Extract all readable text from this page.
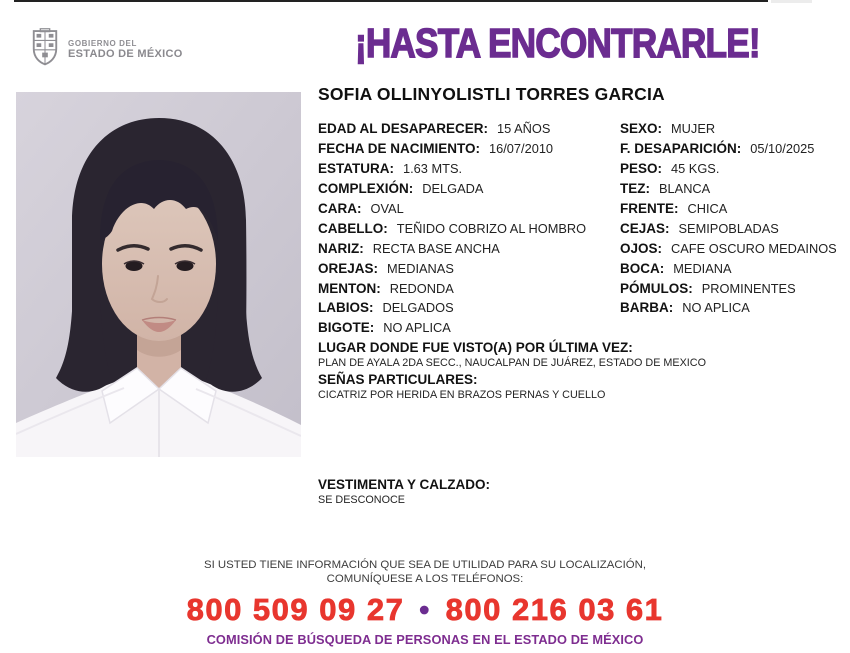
GOBIERNO DEL
ESTADO DE MÉXICO	¡HASTA ENCONTRARLE!
SOFIA OLLINYOLISTLI TORRES GARCIA
EDAD AL DESAPARECER: 15 AÑOS
FECHA DE NACIMIENTO: 16/07/2010
ESTATURA: 1.63 MTS.
COMPLEXIÓN: DELGADA
CARA: OVAL
CABELLO: TEÑIDO COBRIZO AL HOMBRO
NARIZ: RECTA BASE ANCHA
OREJAS: MEDIANAS
MENTON: REDONDA
LABIOS: DELGADOS
BIGOTE: NO APLICA
LUGAR DONDE FUE VISTO(A) POR ÚLTIMA VEZ:
PLAN DE AYALA 2DA SECC., NAUCALPAN DE JUÁREZ, ESTADO DE MEXICO
SEÑAS PARTICULARES:
CICATRIZ POR HERIDA EN BRAZOS PERNAS Y CUELLO
SEXO: MUJER
F. DESAPARICIÓN: 05/10/2025
PESO: 45 KGS.
TEZ: BLANCA
FRENTE: CHICA
CEJAS: SEMIPOBLADAS
OJOS: CAFE OSCURO MEDAINOS
BOCA: MEDIANA
PÓMULOS: PROMINENTES
BARBA: NO APLICA
VESTIMENTA Y CALZADO:
SE DESCONOCE
SI USTED TIENE INFORMACIÓN QUE SEA DE UTILIDAD PARA SU LOCALIZACIÓN,
COMUNÍQUESE A LOS TELÉFONOS:
800 509 09 27 • 800 216 03 61
COMISIÓN DE BÚSQUEDA DE PERSONAS EN EL ESTADO DE MÉXICO
